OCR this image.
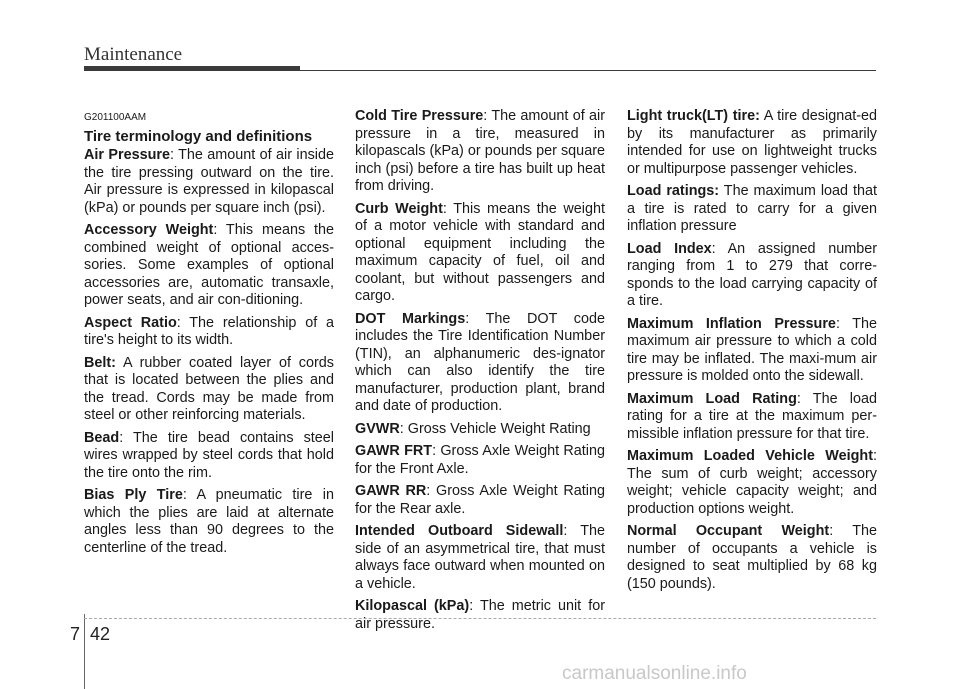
Maintenance

G201100AAM

Tire terminology and definitions

Air Pressure: The amount of air inside the tire pressing outward on the tire. Air pressure is expressed in kilopascal (kPa) or pounds per square inch (psi).

Accessory Weight: This means the combined weight of optional acces-sories. Some examples of optional accessories are, automatic transaxle, power seats, and air con-ditioning.

Aspect Ratio: The relationship of a tire's height to its width.

Belt: A rubber coated layer of cords that is located between the plies and the tread. Cords may be made from steel or other reinforcing materials.

Bead: The tire bead contains steel wires wrapped by steel cords that hold the tire onto the rim.

Bias Ply Tire: A pneumatic tire in which the plies are laid at alternate angles less than 90 degrees to the centerline of the tread.

Cold Tire Pressure: The amount of air pressure in a tire, measured in kilopascals (kPa) or pounds per square inch (psi) before a tire has built up heat from driving.

Curb Weight: This means the weight of a motor vehicle with standard and optional equipment including the maximum capacity of fuel, oil and coolant, but without passengers and cargo.

DOT Markings: The DOT code includes the Tire Identification Number (TIN), an alphanumeric des-ignator which can also identify the tire manufacturer, production plant, brand and date of production.

GVWR: Gross Vehicle Weight Rating

GAWR FRT: Gross Axle Weight Rating for the Front Axle.

GAWR RR: Gross Axle Weight Rating for the Rear axle.

Intended Outboard Sidewall: The side of an asymmetrical tire, that must always face outward when mounted on a vehicle.

Kilopascal (kPa): The metric unit for air pressure.

Light truck(LT) tire: A tire designat-ed by its manufacturer as primarily intended for use on lightweight trucks or multipurpose passenger vehicles.

Load ratings: The maximum load that a tire is rated to carry for a given inflation pressure

Load Index: An assigned number ranging from 1 to 279 that corre-sponds to the load carrying capacity of a tire.

Maximum Inflation Pressure: The maximum air pressure to which a cold tire may be inflated. The maxi-mum air pressure is molded onto the sidewall.

Maximum Load Rating: The load rating for a tire at the maximum per-missible inflation pressure for that tire.

Maximum Loaded Vehicle Weight: The sum of curb weight; accessory weight; vehicle capacity weight; and production options weight.

Normal Occupant Weight: The number of occupants a vehicle is designed to seat multiplied by 68 kg (150 pounds).

7 42
carmanualsonline.info
